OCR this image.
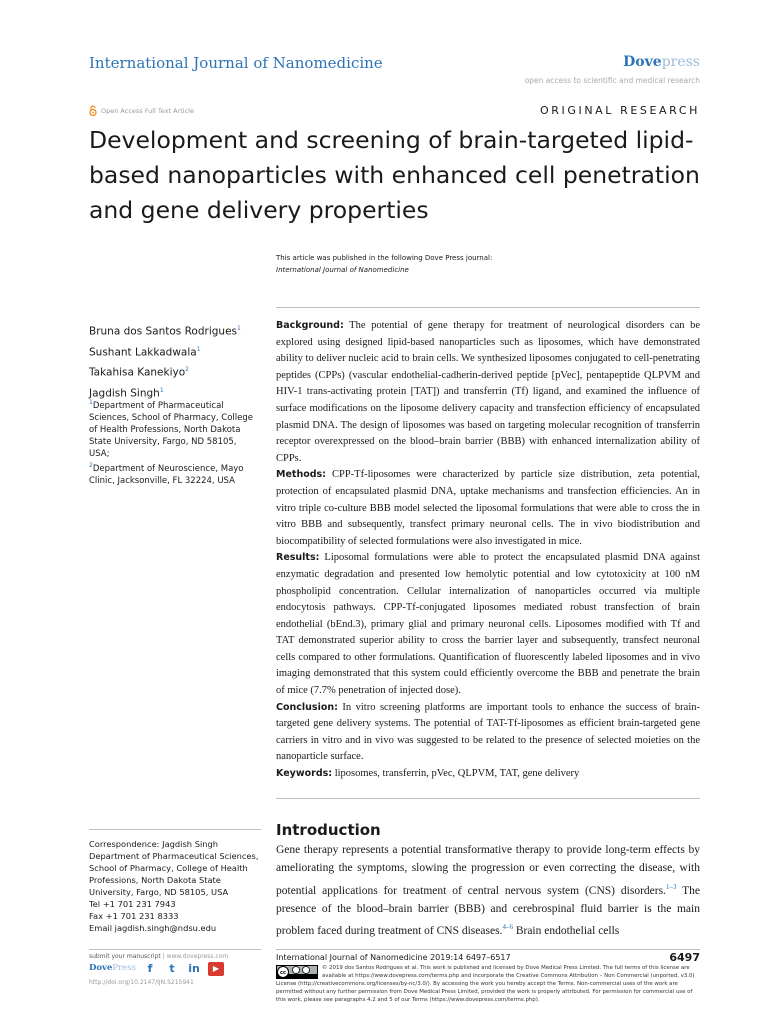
International Journal of Nanomedicine	Dovepress
open access to scientific and medical research
Open Access Full Text Article	ORIGINAL RESEARCH
Development and screening of brain-targeted lipid-based nanoparticles with enhanced cell penetration and gene delivery properties
This article was published in the following Dove Press journal:
International Journal of Nanomedicine
Bruna dos Santos Rodrigues$^1$
Sushant Lakkadwala$^1$
Takahisa Kanekiyo$^2$
Jagdish Singh$^1$
$^1$Department of Pharmaceutical Sciences, School of Pharmacy, College of Health Professions, North Dakota State University, Fargo, ND 58105, USA;
$^2$Department of Neuroscience, Mayo Clinic, Jacksonville, FL 32224, USA

Background: The potential of gene therapy for treatment of neurological disorders can be explored using designed lipid-based nanoparticles such as liposomes, which have demonstrated ability to deliver nucleic acid to brain cells. We synthesized liposomes conjugated to cell-penetrating peptides (CPPs) (vascular endothelial-cadherin-derived peptide [pVec], pentapeptide QLPVM and HIV-1 trans-activating protein [TAT]) and transferrin (Tf) ligand, and examined the influence of surface modifications on the liposome delivery capacity and transfection efficiency of encapsulated plasmid DNA. The design of liposomes was based on targeting molecular recognition of transferrin receptor overexpressed on the blood–brain barrier (BBB) with enhanced internalization ability of CPPs.

Methods: CPP-Tf-liposomes were characterized by particle size distribution, zeta potential, protection of encapsulated plasmid DNA, uptake mechanisms and transfection efficiencies. An in vitro triple co-culture BBB model selected the liposomal formulations that were able to cross the in vitro BBB and subsequently, transfect primary neuronal cells. The in vivo biodistribution and biocompatibility of selected formulations were also investigated in mice.

Results: Liposomal formulations were able to protect the encapsulated plasmid DNA against enzymatic degradation and presented low hemolytic potential and low cytotoxicity at 100 nM phospholipid concentration. Cellular internalization of nanoparticles occurred via multiple endocytosis pathways. CPP-Tf-conjugated liposomes mediated robust transfection of brain endothelial (bEnd.3), primary glial and primary neuronal cells. Liposomes modified with Tf and TAT demonstrated superior ability to cross the barrier layer and subsequently, transfect neuronal cells compared to other formulations. Quantification of fluorescently labeled liposomes and in vivo imaging demonstrated that this system could efficiently overcome the BBB and penetrate the brain of mice (7.7% penetration of injected dose).

Conclusion: In vitro screening platforms are important tools to enhance the success of brain-targeted gene delivery systems. The potential of TAT-Tf-liposomes as efficient brain-targeted gene carriers in vitro and in vivo was suggested to be related to the presence of selected moieties on the nanoparticle surface.

Keywords: liposomes, transferrin, pVec, QLPVM, TAT, gene delivery

Correspondence: Jagdish Singh
Department of Pharmaceutical Sciences, School of Pharmacy, College of Health Professions, North Dakota State University, Fargo, ND 58105, USA
Tel +1 701 231 7943
Fax +1 701 231 8333
Email jagdish.singh@ndsu.edu
Introduction

Gene therapy represents a potential transformative therapy to provide long-term effects by ameliorating the symptoms, slowing the progression or even correcting the disease, with potential applications for treatment of central nervous system (CNS) disorders.$^{1-3}$ The presence of the blood–brain barrier (BBB) and cerebrospinal fluid barrier is the main problem faced during treatment of CNS diseases.$^{4-6}$ Brain endothelial cells

submit your manuscript | www.dovepress.com
DovePress	f	t	in	▶
http://doi.org/10.2147/IJN.S215941
International Journal of Nanomedicine 2019:14 6497–6517	6497
cc
© 2019 dos Santos Rodrigues et al. This work is published and licensed by Dove Medical Press Limited. The full terms of this license are available at https://www.dovepress.com/terms.php and incorporate the Creative Commons Attribution – Non Commercial (unported, v3.0) License (http://creativecommons.org/licenses/by-nc/3.0/). By accessing the work you hereby accept the Terms. Non-commercial uses of the work are permitted without any further permission from Dove Medical Press Limited, provided the work is properly attributed. For permission for commercial use of this work, please see paragraphs 4.2 and 5 of our Terms (https://www.dovepress.com/terms.php).
